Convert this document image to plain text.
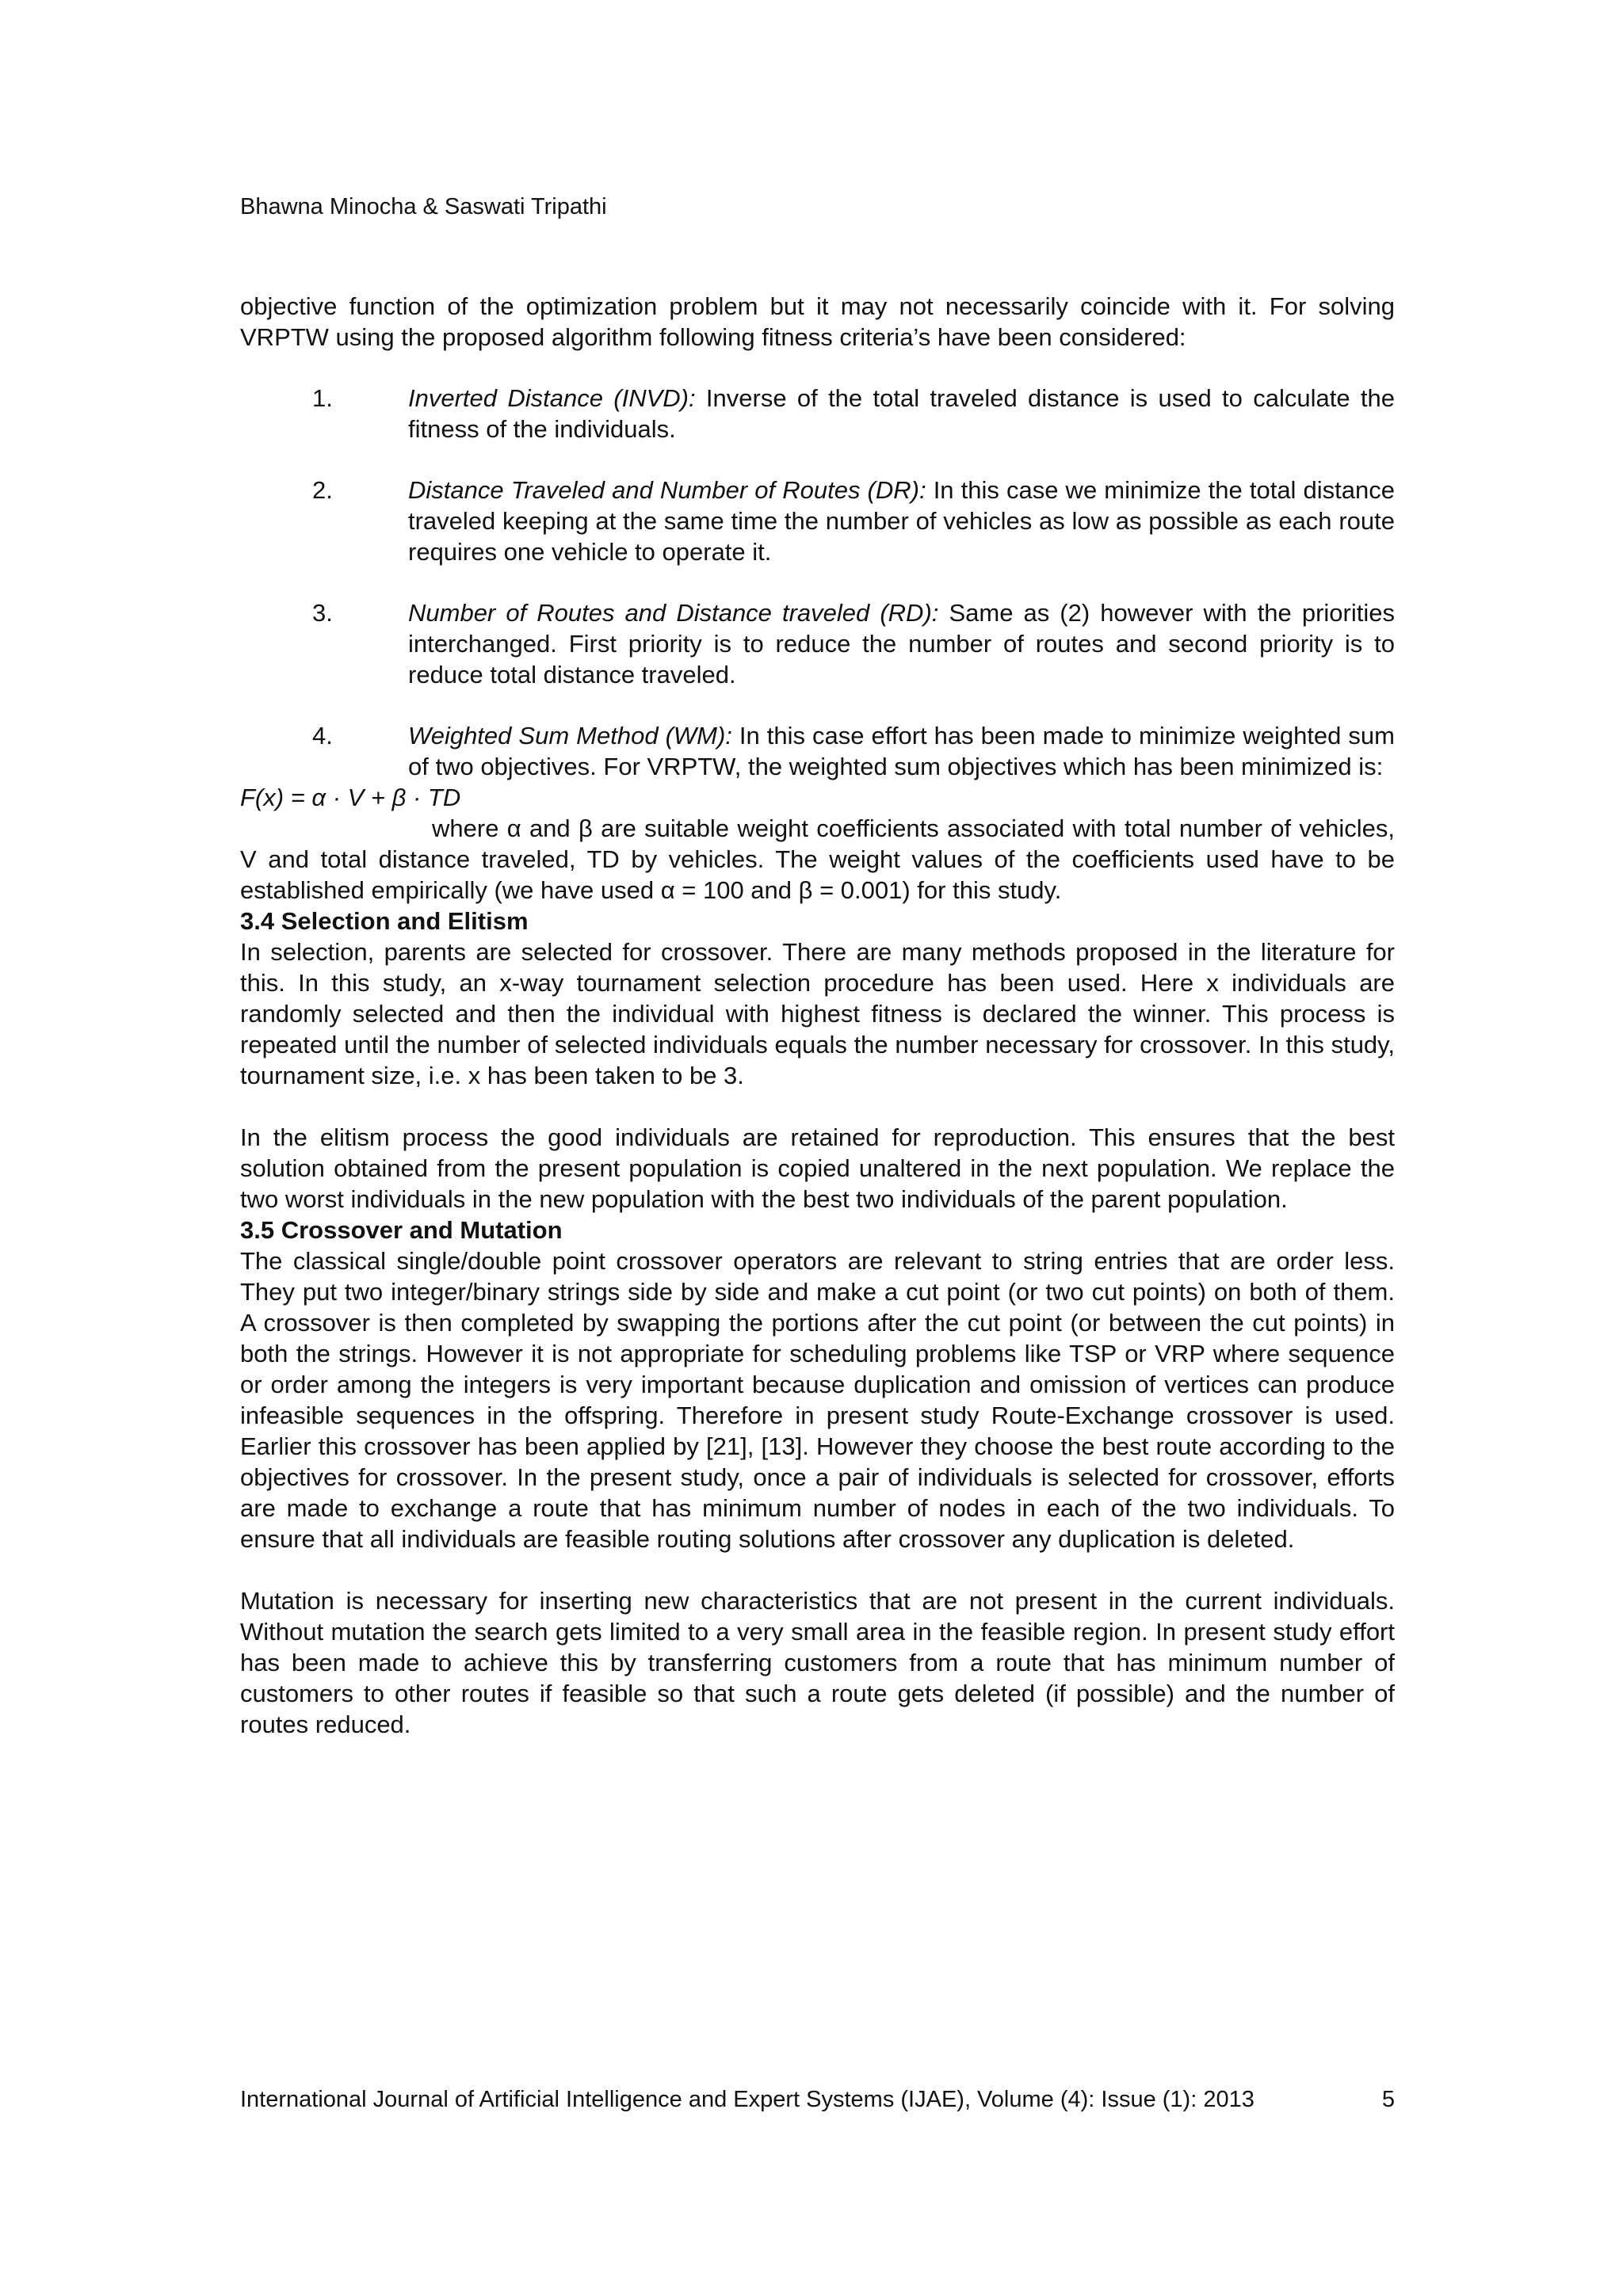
Bhawna Minocha & Saswati Tripathi

objective function of the optimization problem but it may not necessarily coincide with it. For solving VRPTW using the proposed algorithm following fitness criteria’s have been considered:

1.	Inverted Distance (INVD): Inverse of the total traveled distance is used to calculate the fitness of the individuals.
2.	Distance Traveled and Number of Routes (DR): In this case we minimize the total distance traveled keeping at the same time the number of vehicles as low as possible as each route requires one vehicle to operate it.
3.	Number of Routes and Distance traveled (RD): Same as (2) however with the priorities interchanged. First priority is to reduce the number of routes and second priority is to reduce total distance traveled.
4.	Weighted Sum Method (WM): In this case effort has been made to minimize weighted sum of two objectives. For VRPTW, the weighted sum objectives which has been minimized is:

F(x) = α · V + β · TD

where α and β are suitable weight coefficients associated with total number of vehicles, V and total distance traveled, TD by vehicles. The weight values of the coefficients used have to be established empirically (we have used α = 100 and β = 0.001) for this study.

3.4 Selection and Elitism

In selection, parents are selected for crossover. There are many methods proposed in the literature for this. In this study, an x-way tournament selection procedure has been used. Here x individuals are randomly selected and then the individual with highest fitness is declared the winner. This process is repeated until the number of selected individuals equals the number necessary for crossover. In this study, tournament size, i.e. x has been taken to be 3.

In the elitism process the good individuals are retained for reproduction. This ensures that the best solution obtained from the present population is copied unaltered in the next population. We replace the two worst individuals in the new population with the best two individuals of the parent population.

3.5 Crossover and Mutation

The classical single/double point crossover operators are relevant to string entries that are order less. They put two integer/binary strings side by side and make a cut point (or two cut points) on both of them. A crossover is then completed by swapping the portions after the cut point (or between the cut points) in both the strings. However it is not appropriate for scheduling problems like TSP or VRP where sequence or order among the integers is very important because duplication and omission of vertices can produce infeasible sequences in the offspring. Therefore in present study Route-Exchange crossover is used. Earlier this crossover has been applied by [21], [13]. However they choose the best route according to the objectives for crossover. In the present study, once a pair of individuals is selected for crossover, efforts are made to exchange a route that has minimum number of nodes in each of the two individuals. To ensure that all individuals are feasible routing solutions after crossover any duplication is deleted.

Mutation is necessary for inserting new characteristics that are not present in the current individuals. Without mutation the search gets limited to a very small area in the feasible region. In present study effort has been made to achieve this by transferring customers from a route that has minimum number of customers to other routes if feasible so that such a route gets deleted (if possible) and the number of routes reduced.

International Journal of Artificial Intelligence and Expert Systems (IJAE), Volume (4): Issue (1): 2013	5
